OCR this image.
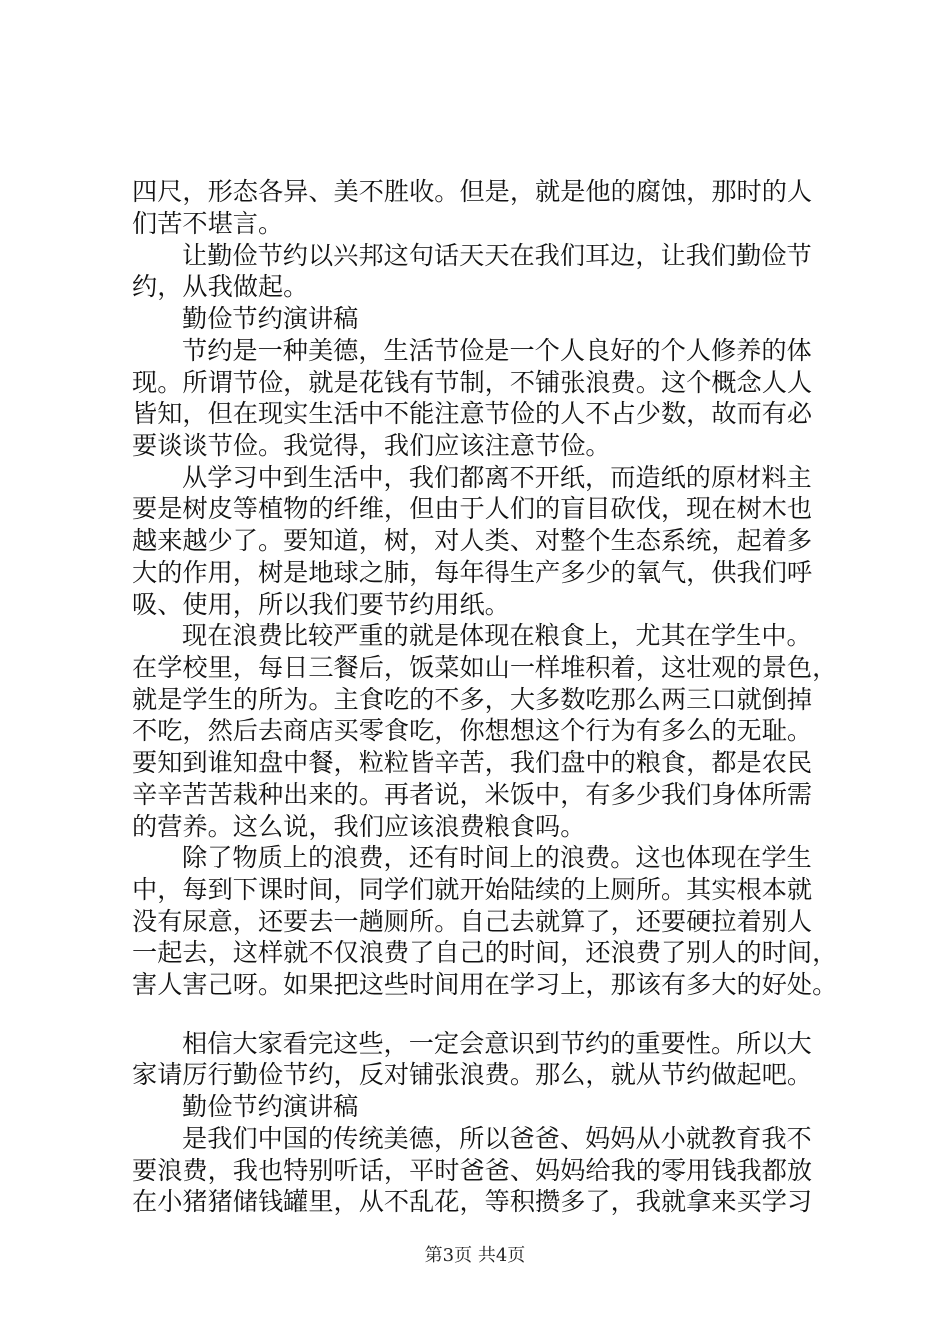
四尺，形态各异、美不胜收。但是，就是他的腐蚀，那时的人
们苦不堪言。
让勤俭节约以兴邦这句话天天在我们耳边，让我们勤俭节
约，从我做起。
勤俭节约演讲稿
节约是一种美德，生活节俭是一个人良好的个人修养的体
现。所谓节俭，就是花钱有节制，不铺张浪费。这个概念人人
皆知，但在现实生活中不能注意节俭的人不占少数，故而有必
要谈谈节俭。我觉得，我们应该注意节俭。
从学习中到生活中，我们都离不开纸，而造纸的原材料主
要是树皮等植物的纤维，但由于人们的盲目砍伐，现在树木也
越来越少了。要知道，树，对人类、对整个生态系统，起着多
大的作用，树是地球之肺，每年得生产多少的氧气，供我们呼
吸、使用，所以我们要节约用纸。
现在浪费比较严重的就是体现在粮食上，尤其在学生中。
在学校里，每日三餐后，饭菜如山一样堆积着，这壮观的景色，
就是学生的所为。主食吃的不多，大多数吃那么两三口就倒掉
不吃，然后去商店买零食吃，你想想这个行为有多么的无耻。
要知到谁知盘中餐，粒粒皆辛苦，我们盘中的粮食，都是农民
辛辛苦苦栽种出来的。再者说，米饭中，有多少我们身体所需
的营养。这么说，我们应该浪费粮食吗。
除了物质上的浪费，还有时间上的浪费。这也体现在学生
中，每到下课时间，同学们就开始陆续的上厕所。其实根本就
没有尿意，还要去一趟厕所。自己去就算了，还要硬拉着别人
一起去，这样就不仅浪费了自己的时间，还浪费了别人的时间，
害人害己呀。如果把这些时间用在学习上，那该有多大的好处。
相信大家看完这些，一定会意识到节约的重要性。所以大
家请厉行勤俭节约，反对铺张浪费。那么，就从节约做起吧。
勤俭节约演讲稿
是我们中国的传统美德，所以爸爸、妈妈从小就教育我不
要浪费，我也特别听话，平时爸爸、妈妈给我的零用钱我都放
在小猪猪储钱罐里，从不乱花，等积攒多了，我就拿来买学习
第3页 共4页
